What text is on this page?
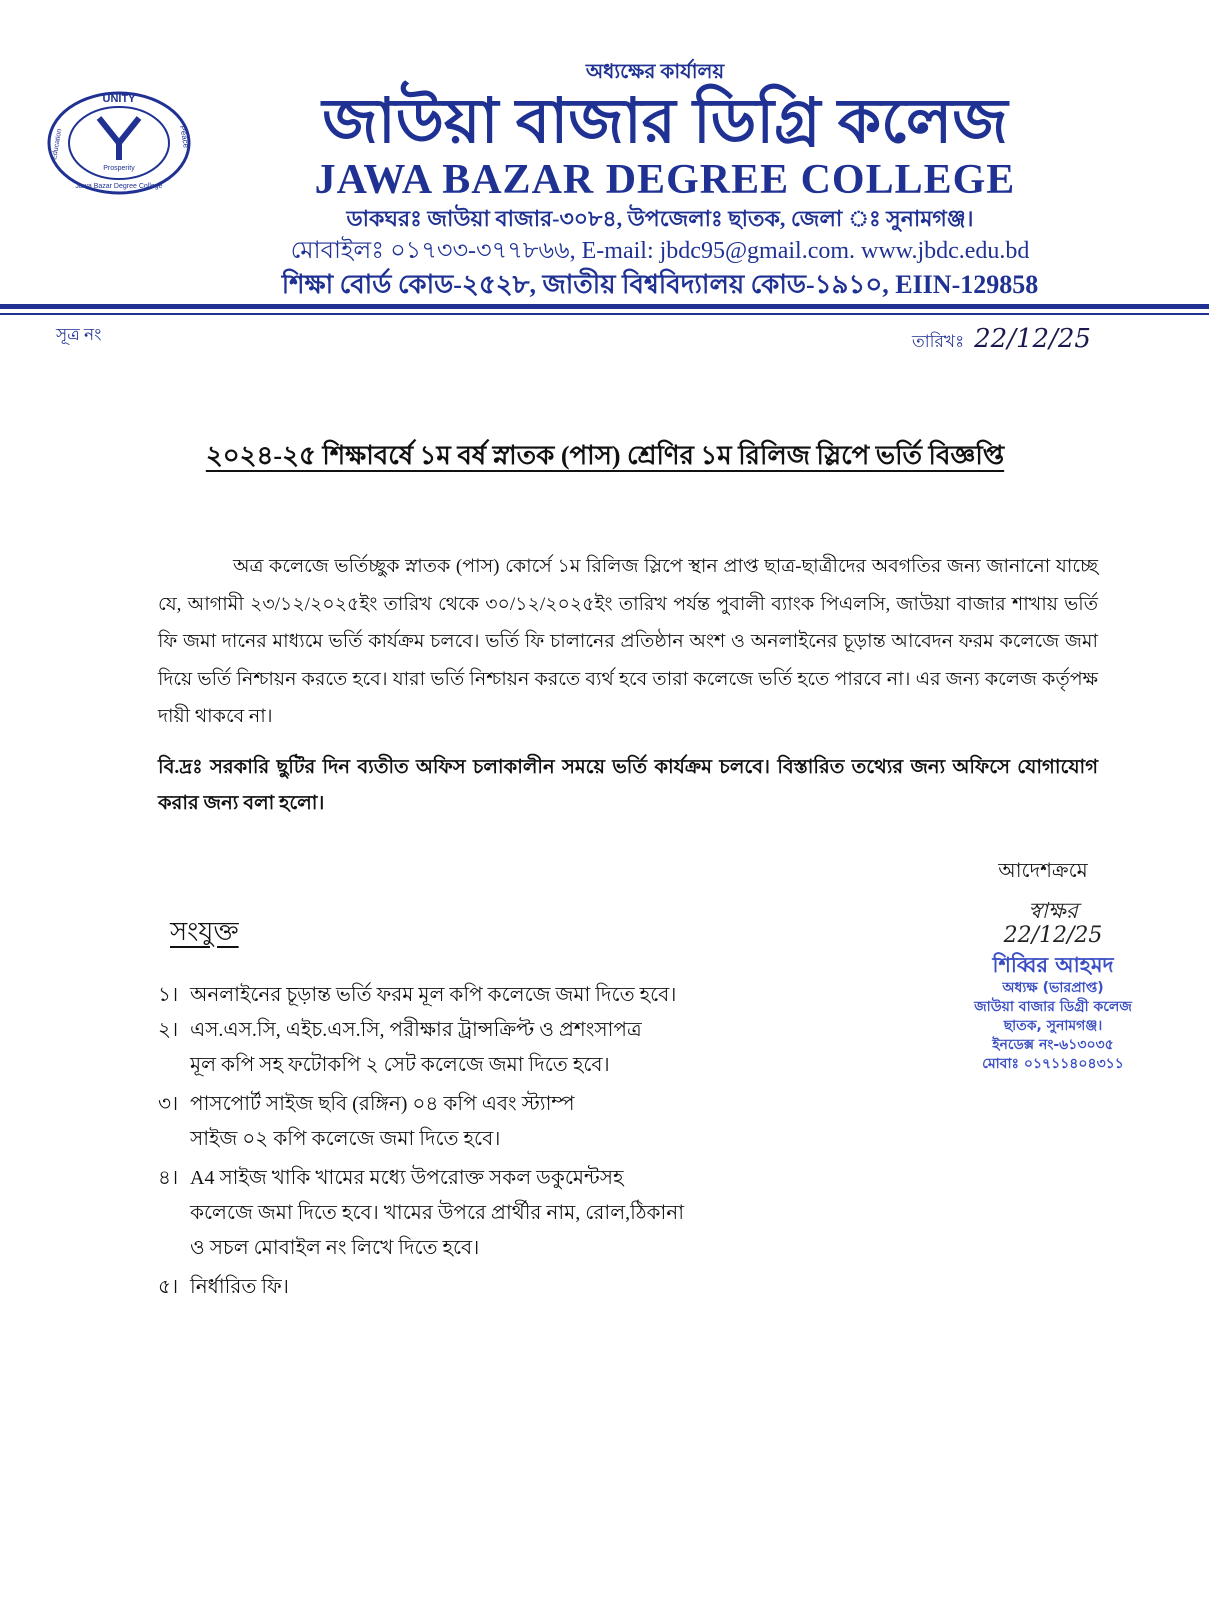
অধ্যক্ষের কার্যালয়
UNITY
Education	Peace
Prosperity
Jawa Bazar Degree College
জাউয়া বাজার ডিগ্রি কলেজ
JAWA BAZAR DEGREE COLLEGE
ডাকঘরঃ জাউয়া বাজার-৩০৮৪, উপজেলাঃ ছাতক, জেলা ঃ সুনামগঞ্জ।
মোবাইলঃ ০১৭৩৩-৩৭৭৮৬৬, E-mail: jbdc95@gmail.com. www.jbdc.edu.bd
শিক্ষা বোর্ড কোড-২৫২৮, জাতীয় বিশ্ববিদ্যালয় কোড-১৯১০, EIIN-129858
সূত্র নং	তারিখঃ 22/12/25
২০২৪-২৫ শিক্ষাবর্ষে ১ম বর্ষ স্নাতক (পাস) শ্রেণির ১ম রিলিজ স্লিপে ভর্তি বিজ্ঞপ্তি
অত্র কলেজে ভর্তিচ্ছুক স্নাতক (পাস) কোর্সে ১ম রিলিজ স্লিপে স্থান প্রাপ্ত ছাত্র-ছাত্রীদের অবগতির জন্য জানানো যাচ্ছে যে, আগামী ২৩/১২/২০২৫ইং তারিখ থেকে ৩০/১২/২০২৫ইং তারিখ পর্যন্ত পুবালী ব্যাংক পিএলসি, জাউয়া বাজার শাখায় ভর্তি ফি জমা দানের মাধ্যমে ভর্তি কার্যক্রম চলবে। ভর্তি ফি চালানের প্রতিষ্ঠান অংশ ও অনলাইনের চূড়ান্ত আবেদন ফরম কলেজে জমা দিয়ে ভর্তি নিশ্চায়ন করতে হবে। যারা ভর্তি নিশ্চায়ন করতে ব্যর্থ হবে তারা কলেজে ভর্তি হতে পারবে না। এর জন্য কলেজ কর্তৃপক্ষ দায়ী থাকবে না।
বি.দ্রঃ সরকারি ছুটির দিন ব্যতীত অফিস চলাকালীন সময়ে ভর্তি কার্যক্রম চলবে। বিস্তারিত তথ্যের জন্য অফিসে যোগাযোগ করার জন্য বলা হলো।
সংযুক্ত
১। অনলাইনের চূড়ান্ত ভর্তি ফরম মূল কপি কলেজে জমা দিতে হবে।
২। এস.এস.সি, এইচ.এস.সি, পরীক্ষার ট্রান্সক্রিপ্ট ও প্রশংসাপত্র
মূল কপি সহ ফটোকপি ২ সেট কলেজে জমা দিতে হবে।
৩। পাসপোর্ট সাইজ ছবি (রঙ্গিন) ০৪ কপি এবং স্ট্যাম্প
সাইজ ০২ কপি কলেজে জমা দিতে হবে।
৪। A4 সাইজ খাকি খামের মধ্যে উপরোক্ত সকল ডকুমেন্টসহ
কলেজে জমা দিতে হবে। খামের উপরে প্রার্থীর নাম, রোল,ঠিকানা
ও সচল মোবাইল নং লিখে দিতে হবে।
৫। নির্ধারিত ফি।
আদেশক্রমে
স্বাক্ষর
22/12/25
শিব্বির আহমদ
অধ্যক্ষ (ভারপ্রাপ্ত)
জাউয়া বাজার ডিগ্রী কলেজ
ছাতক, সুনামগঞ্জ।
ইনডেক্স নং-৬১৩০৩৫
মোবাঃ ০১৭১১৪০৪৩১১
